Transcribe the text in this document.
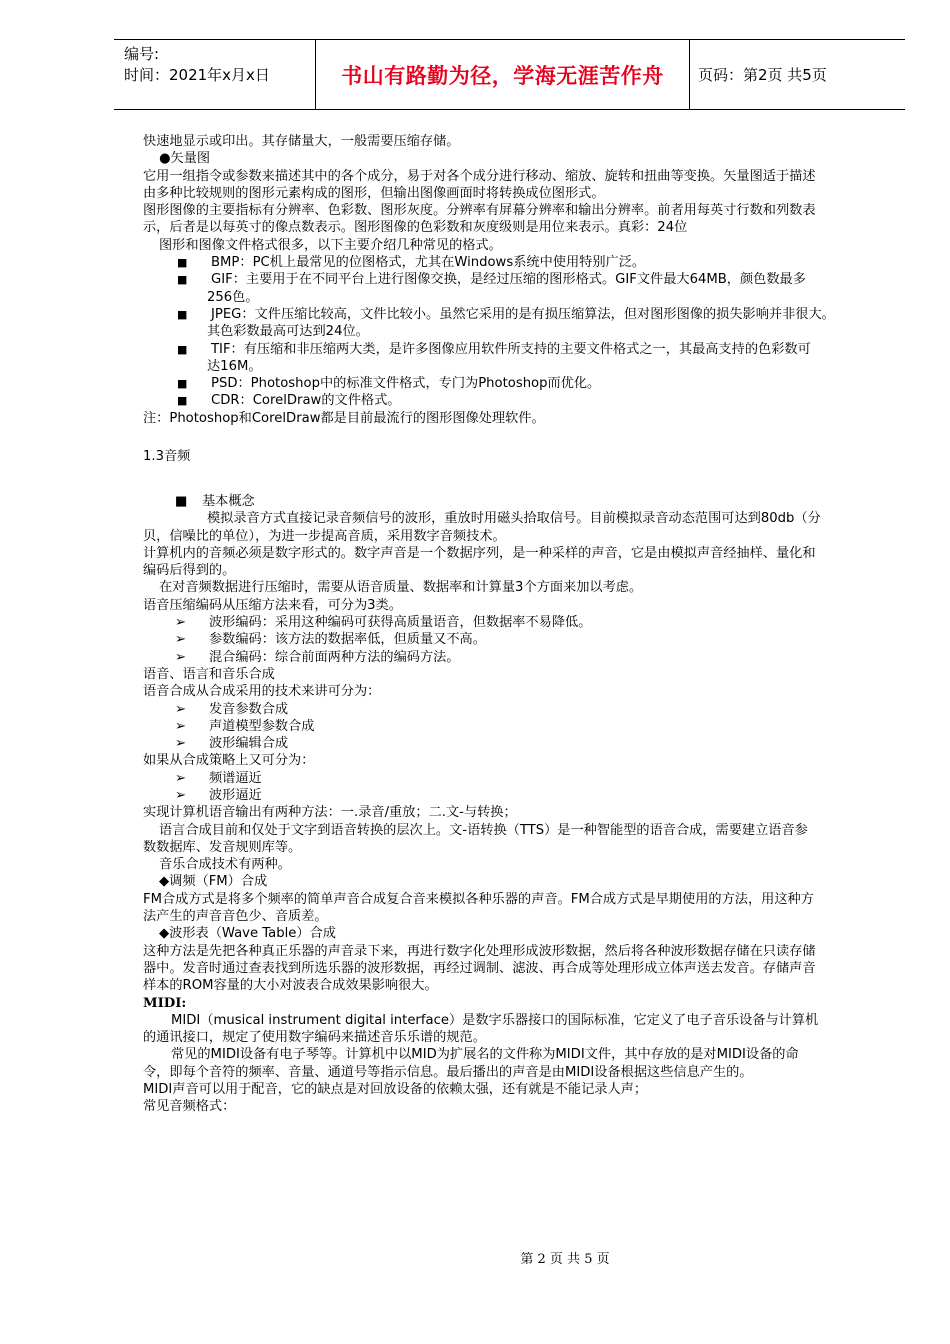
编号:
时间：2021年x月x日	书山有路勤为径，学海无涯苦作舟 页码：第2页 共5页
快速地显示或印出。其存储量大，一般需要压缩存储。
●矢量图
它用一组指令或参数来描述其中的各个成分，易于对各个成分进行移动、缩放、旋转和扭曲等变换。矢量图适于描述
由多种比较规则的图形元素构成的图形，但输出图像画面时将转换成位图形式。
图形图像的主要指标有分辨率、色彩数、图形灰度。分辨率有屏幕分辨率和输出分辨率。前者用每英寸行数和列数表
示，后者是以每英寸的像点数表示。图形图像的色彩数和灰度级则是用位来表示。真彩：24位
图形和图像文件格式很多，以下主要介绍几种常见的格式。
■ BMP：PC机上最常见的位图格式，尤其在Windows系统中使用特别广泛。
■ GIF：主要用于在不同平台上进行图像交换，是经过压缩的图形格式。GIF文件最大64MB，颜色数最多
256色。
■ JPEG：文件压缩比较高，文件比较小。虽然它采用的是有损压缩算法，但对图形图像的损失影响并非很大。
其色彩数最高可达到24位。
■ TIF：有压缩和非压缩两大类，是许多图像应用软件所支持的主要文件格式之一，其最高支持的色彩数可
达16M。
■ PSD：Photoshop中的标准文件格式，专门为Photoshop而优化。
■ CDR：CorelDraw的文件格式。
注：Photoshop和CorelDraw都是目前最流行的图形图像处理软件。
1.3音频
■ 基本概念
模拟录音方式直接记录音频信号的波形，重放时用磁头拾取信号。目前模拟录音动态范围可达到80db（分
贝，信噪比的单位），为进一步提高音质，采用数字音频技术。
计算机内的音频必须是数字形式的。数字声音是一个数据序列，是一种采样的声音，它是由模拟声音经抽样、量化和
编码后得到的。
在对音频数据进行压缩时，需要从语音质量、数据率和计算量3个方面来加以考虑。
语音压缩编码从压缩方法来看，可分为3类。
➢ 波形编码：采用这种编码可获得高质量语音，但数据率不易降低。
➢ 参数编码：该方法的数据率低，但质量又不高。
➢ 混合编码：综合前面两种方法的编码方法。
语音、语言和音乐合成
语音合成从合成采用的技术来讲可分为：
➢ 发音参数合成
➢ 声道模型参数合成
➢ 波形编辑合成
如果从合成策略上又可分为：
➢ 频谱逼近
➢ 波形逼近
实现计算机语音输出有两种方法：一.录音/重放；二.文-与转换；
语言合成目前和仅处于文字到语音转换的层次上。文-语转换（TTS）是一种智能型的语音合成，需要建立语音参
数数据库、发音规则库等。
音乐合成技术有两种。
◆调频（FM）合成
FM合成方式是将多个频率的简单声音合成复合音来模拟各种乐器的声音。FM合成方式是早期使用的方法，用这种方
法产生的声音音色少、音质差。
◆波形表（Wave Table）合成
这种方法是先把各种真正乐器的声音录下来，再进行数字化处理形成波形数据，然后将各种波形数据存储在只读存储
器中。发音时通过查表找到所选乐器的波形数据，再经过调制、滤波、再合成等处理形成立体声送去发音。存储声音
样本的ROM容量的大小对波表合成效果影响很大。
MIDI:
MIDI（musical instrument digital interface）是数字乐器接口的国际标准，它定义了电子音乐设备与计算机
的通讯接口，规定了使用数字编码来描述音乐乐谱的规范。
常见的MIDI设备有电子琴等。计算机中以MID为扩展名的文件称为MIDI文件，其中存放的是对MIDI设备的命
令，即每个音符的频率、音量、通道号等指示信息。最后播出的声音是由MIDI设备根据这些信息产生的。
MIDI声音可以用于配音，它的缺点是对回放设备的依赖太强，还有就是不能记录人声；
常见音频格式：
第 2 页 共 5 页
